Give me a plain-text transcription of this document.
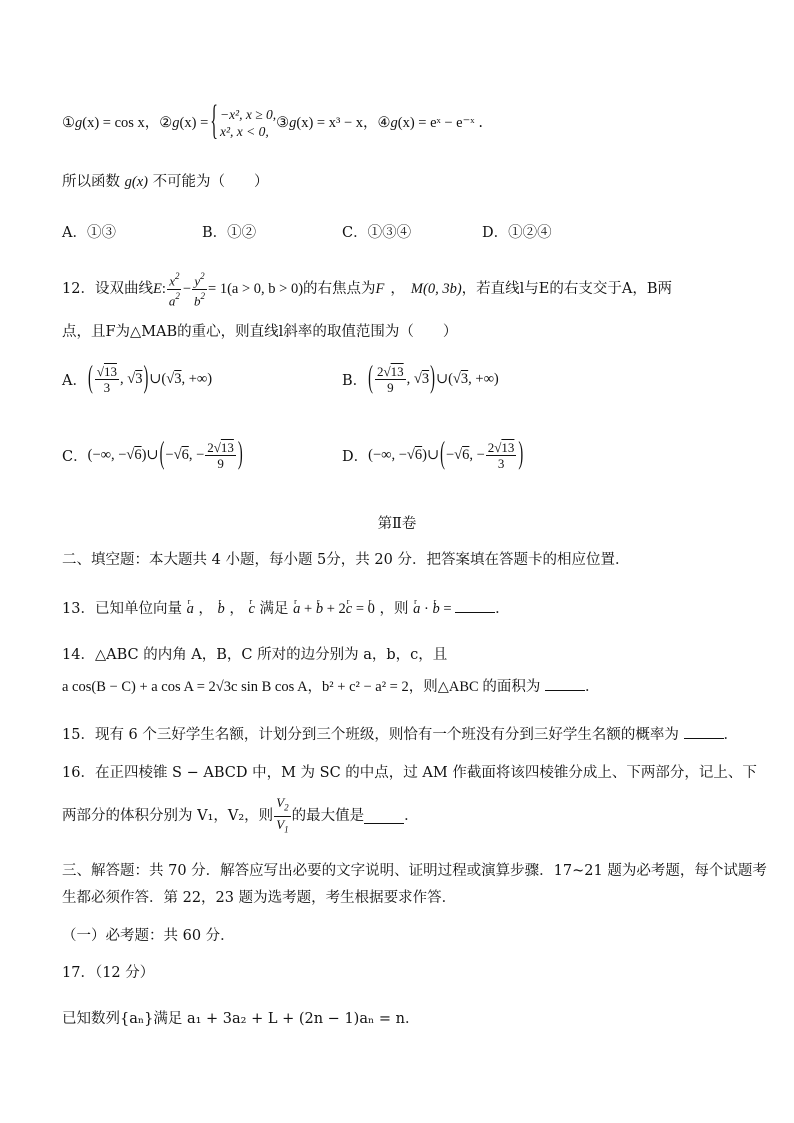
① g (x) = cos x ， ② g (x) = { −x², x ≥ 0,
x², x < 0,
③ g (x) = x³ − x ， ④ g (x) = eˣ − e⁻ˣ .
所以函数 g(x) 不可能为（　　）
A．①③	B．①②	C．①③④	D．①②④
12．设双曲线 E : $\frac{x^2}{a^2} - \frac{y^2}{b^2} = 1(a > 0$, b > 0) 的右焦点为 F ， M(0, 3b) ，若直线l与E的右支交于A，B两
点，且F为△MAB的重心，则直线l斜率的取值范围为（　　）
A． ( $\frac{√13}{3}$ , √3 ) ∪(√3, +∞)	B． ( $\frac{2√13}{9}$ , √3 ) ∪(√3, +∞)
C． (−∞, −√6)∪ ( −√6, − $\frac{2√13}{9}$ )	D． (−∞, −√6)∪ ( −√6, − $\frac{2√13}{3}$ )
第Ⅱ卷
二、填空题：本大题共 4 小题，每小题 5分，共 20 分．把答案填在答题卡的相应位置．
13．已知单位向量 r a ， r b ， r c 满足 r a + r b + 2r c = r 0 ，则 r a · r b =	．
14．△ABC 的内角 A，B，C 所对的边分别为 a，b，c，且
a cos(B − C) + a cos A = 2√3c sin B cos A，b² + c² − a² = 2，则△ABC 的面积为	．
15．现有 6 个三好学生名额，计划分到三个班级，则恰有一个班没有分到三好学生名额的概率为	．
16．在正四棱锥 S − ABCD 中，M 为 SC 的中点，过 AM 作截面将该四棱锥分成上、下两部分，记上、下
两部分的体积分别为 V₁，V₂，则 $\frac{V_2}{V_1}$ 的最大值是	．
三、解答题：共 70 分．解答应写出必要的文字说明、证明过程或演算步骤．17~21 题为必考题，每个试题考
生都必须作答．第 22，23 题为选考题，考生根据要求作答．
（一）必考题：共 60 分．
17．（12 分）
已知数列{aₙ}满足 a₁ + 3a₂ + L + (2n − 1)aₙ = n．
